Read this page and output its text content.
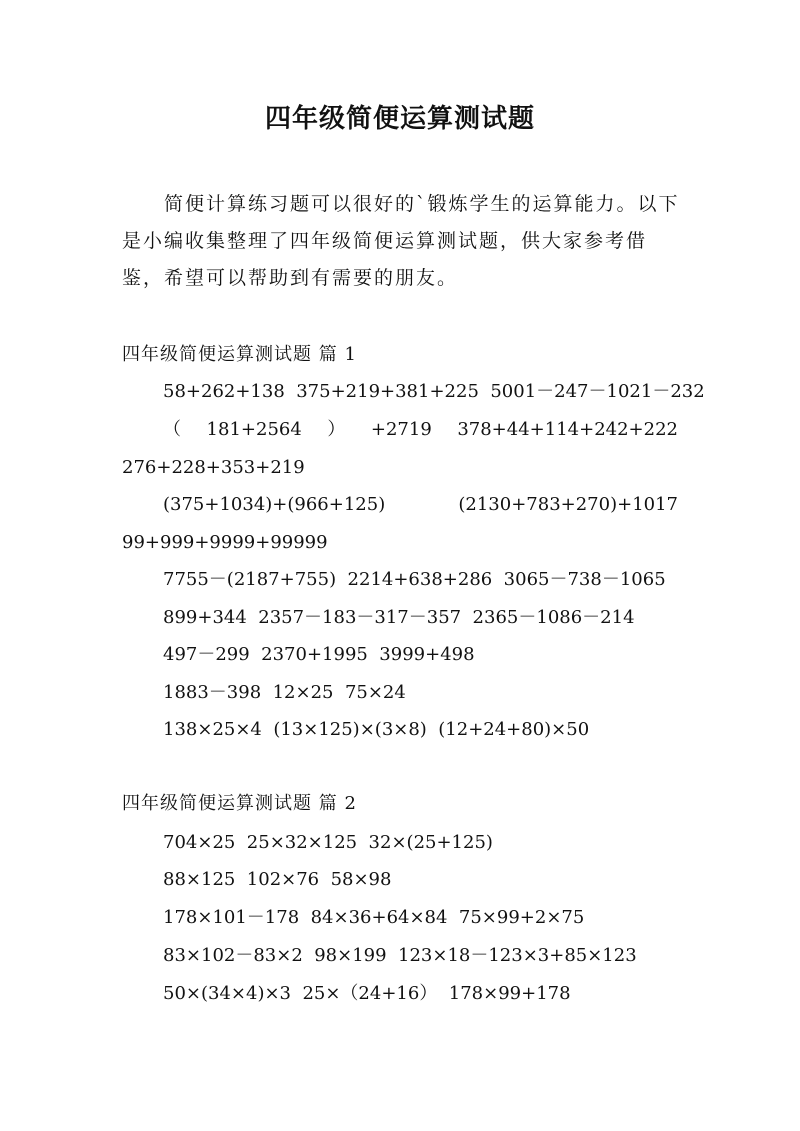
四年级简便运算测试题
简便计算练习题可以很好的`锻炼学生的运算能力。以下是小编收集整理了四年级简便运算测试题，供大家参考借鉴，希望可以帮助到有需要的朋友。
四年级简便运算测试题 篇 1
58+262+138  375+219+381+225  5001－247－1021－232
（ 181+2564 ） +2719 378+44+114+242+222
276+228+353+219
(375+1034)+(966+125)	(2130+783+270)+1017
99+999+9999+99999
7755－(2187+755)  2214+638+286  3065－738－1065
899+344  2357－183－317－357  2365－1086－214
497－299  2370+1995  3999+498
1883－398  12×25  75×24
138×25×4  (13×125)×(3×8)  (12+24+80)×50
四年级简便运算测试题 篇 2
704×25  25×32×125  32×(25+125)
88×125  102×76  58×98
178×101－178  84×36+64×84  75×99+2×75
83×102－83×2  98×199  123×18－123×3+85×123
50×(34×4)×3  25×（24+16）  178×99+178
